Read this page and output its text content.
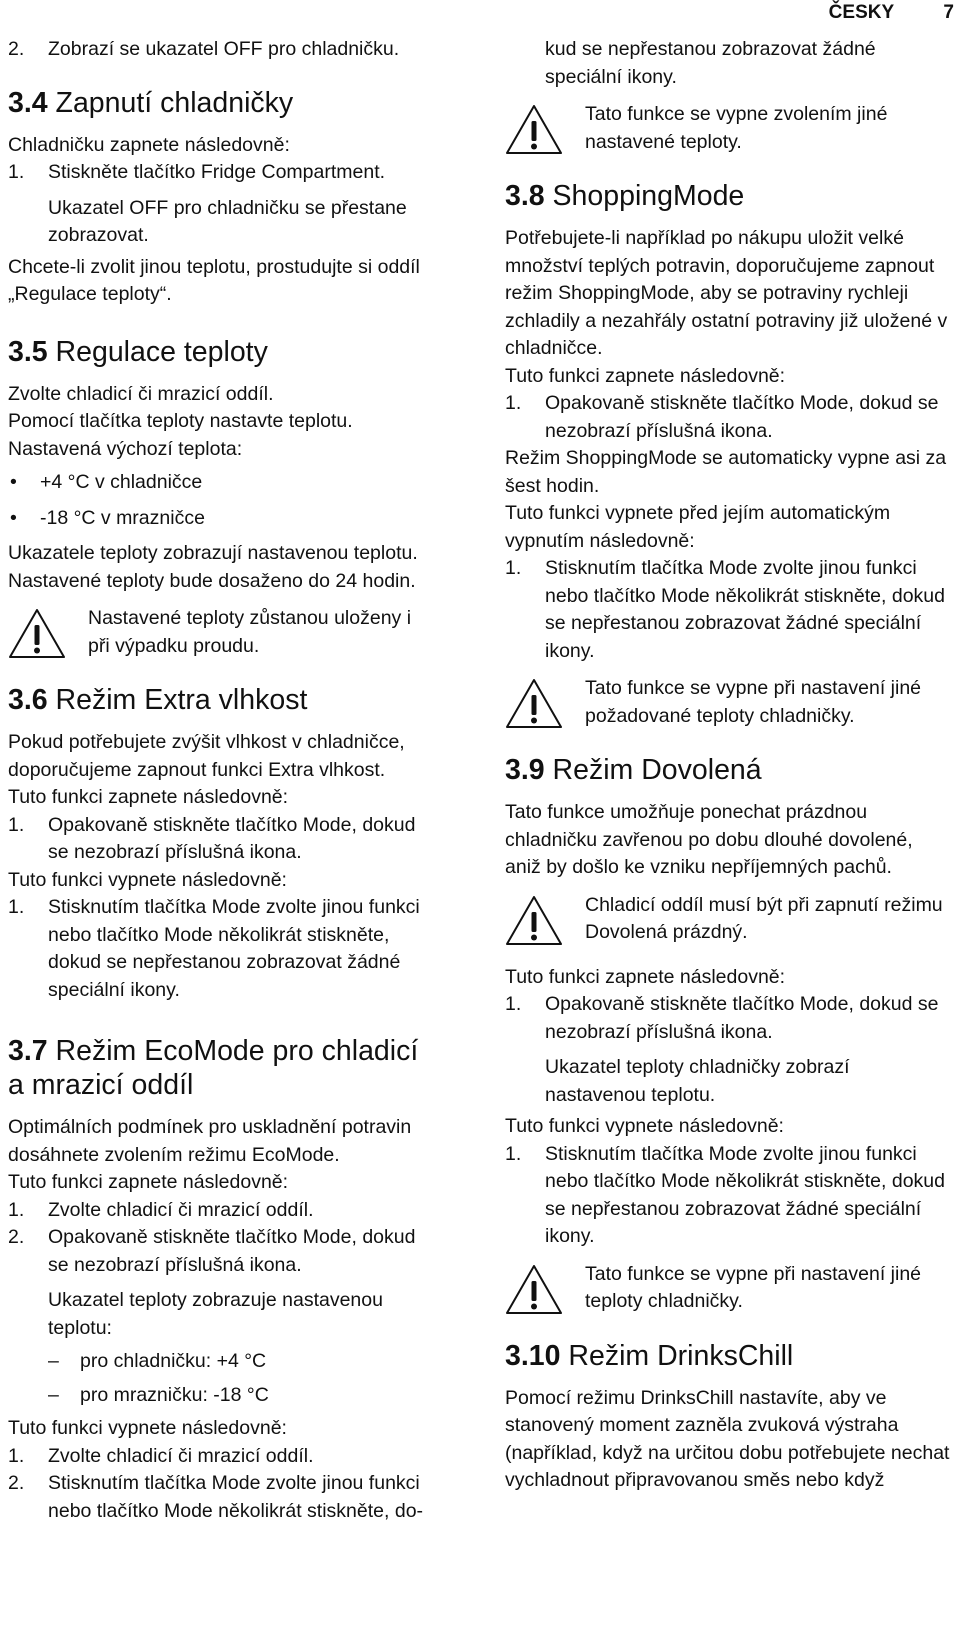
ČESKY	7
2. Zobrazí se ukazatel OFF pro chladničku.
3.4 Zapnutí chladničky

Chladničku zapnete následovně:

1. Stiskněte tlačítko Fridge Compartment.

Ukazatel OFF pro chladničku se přestane zobrazovat.

Chcete-li zvolit jinou teplotu, prostudujte si oddíl „Regulace teploty“.

3.5 Regulace teploty

Zvolte chladicí či mrazicí oddíl.

Pomocí tlačítka teploty nastavte teplotu.

Nastavená výchozí teplota:

• +4 °C v chladničce
• -18 °C v mrazničce

Ukazatele teploty zobrazují nastavenou teplotu.

Nastavené teploty bude dosaženo do 24 hodin.

Nastavené teploty zůstanou uloženy i při výpadku proudu.
3.6 Režim Extra vlhkost

Pokud potřebujete zvýšit vlhkost v chladničce, doporučujeme zapnout funkci Extra vlhkost.

Tuto funkci zapnete následovně:

1. Opakovaně stiskněte tlačítko Mode, dokud se nezobrazí příslušná ikona.

Tuto funkci vypnete následovně:

1. Stisknutím tlačítka Mode zvolte jinou funkci nebo tlačítko Mode několikrát stiskněte, dokud se nepřestanou zobrazovat žádné speciální ikony.
3.7 Režim EcoMode pro chladicí a mrazicí oddíl

Optimálních podmínek pro uskladnění potravin dosáhnete zvolením režimu EcoMode.

Tuto funkci zapnete následovně:

1. Zvolte chladicí či mrazicí oddíl.
2. Opakovaně stiskněte tlačítko Mode, dokud se nezobrazí příslušná ikona.

Ukazatel teploty zobrazuje nastavenou teplotu:

– pro chladničku: +4 °C
– pro mrazničku: -18 °C

Tuto funkci vypnete následovně:

1. Zvolte chladicí či mrazicí oddíl.
2. Stisknutím tlačítka Mode zvolte jinou funkci nebo tlačítko Mode několikrát stiskněte, do-

kud se nepřestanou zobrazovat žádné speciální ikony.

Tato funkce se vypne zvolením jiné nastavené teploty.
3.8 ShoppingMode

Potřebujete-li například po nákupu uložit velké množství teplých potravin, doporučujeme zapnout režim ShoppingMode, aby se potraviny rychleji zchladily a nezahřály ostatní potraviny již uložené v chladničce.

Tuto funkci zapnete následovně:

1. Opakovaně stiskněte tlačítko Mode, dokud se nezobrazí příslušná ikona.

Režim ShoppingMode se automaticky vypne asi za šest hodin.

Tuto funkci vypnete před jejím automatickým vypnutím následovně:

1. Stisknutím tlačítka Mode zvolte jinou funkci nebo tlačítko Mode několikrát stiskněte, dokud se nepřestanou zobrazovat žádné speciální ikony.
Tato funkce se vypne při nastavení jiné požadované teploty chladničky.
3.9 Režim Dovolená

Tato funkce umožňuje ponechat prázdnou chladničku zavřenou po dobu dlouhé dovolené, aniž by došlo ke vzniku nepříjemných pachů.

Chladicí oddíl musí být při zapnutí režimu Dovolená prázdný.

Tuto funkci zapnete následovně:

1. Opakovaně stiskněte tlačítko Mode, dokud se nezobrazí příslušná ikona.

Ukazatel teploty chladničky zobrazí nastavenou teplotu.

Tuto funkci vypnete následovně:

1. Stisknutím tlačítka Mode zvolte jinou funkci nebo tlačítko Mode několikrát stiskněte, dokud se nepřestanou zobrazovat žádné speciální ikony.
Tato funkce se vypne při nastavení jiné teploty chladničky.
3.10 Režim DrinksChill

Pomocí režimu DrinksChill nastavíte, aby ve stanovený moment zazněla zvuková výstraha (například, když na určitou dobu potřebujete nechat vychladnout připravovanou směs nebo když
